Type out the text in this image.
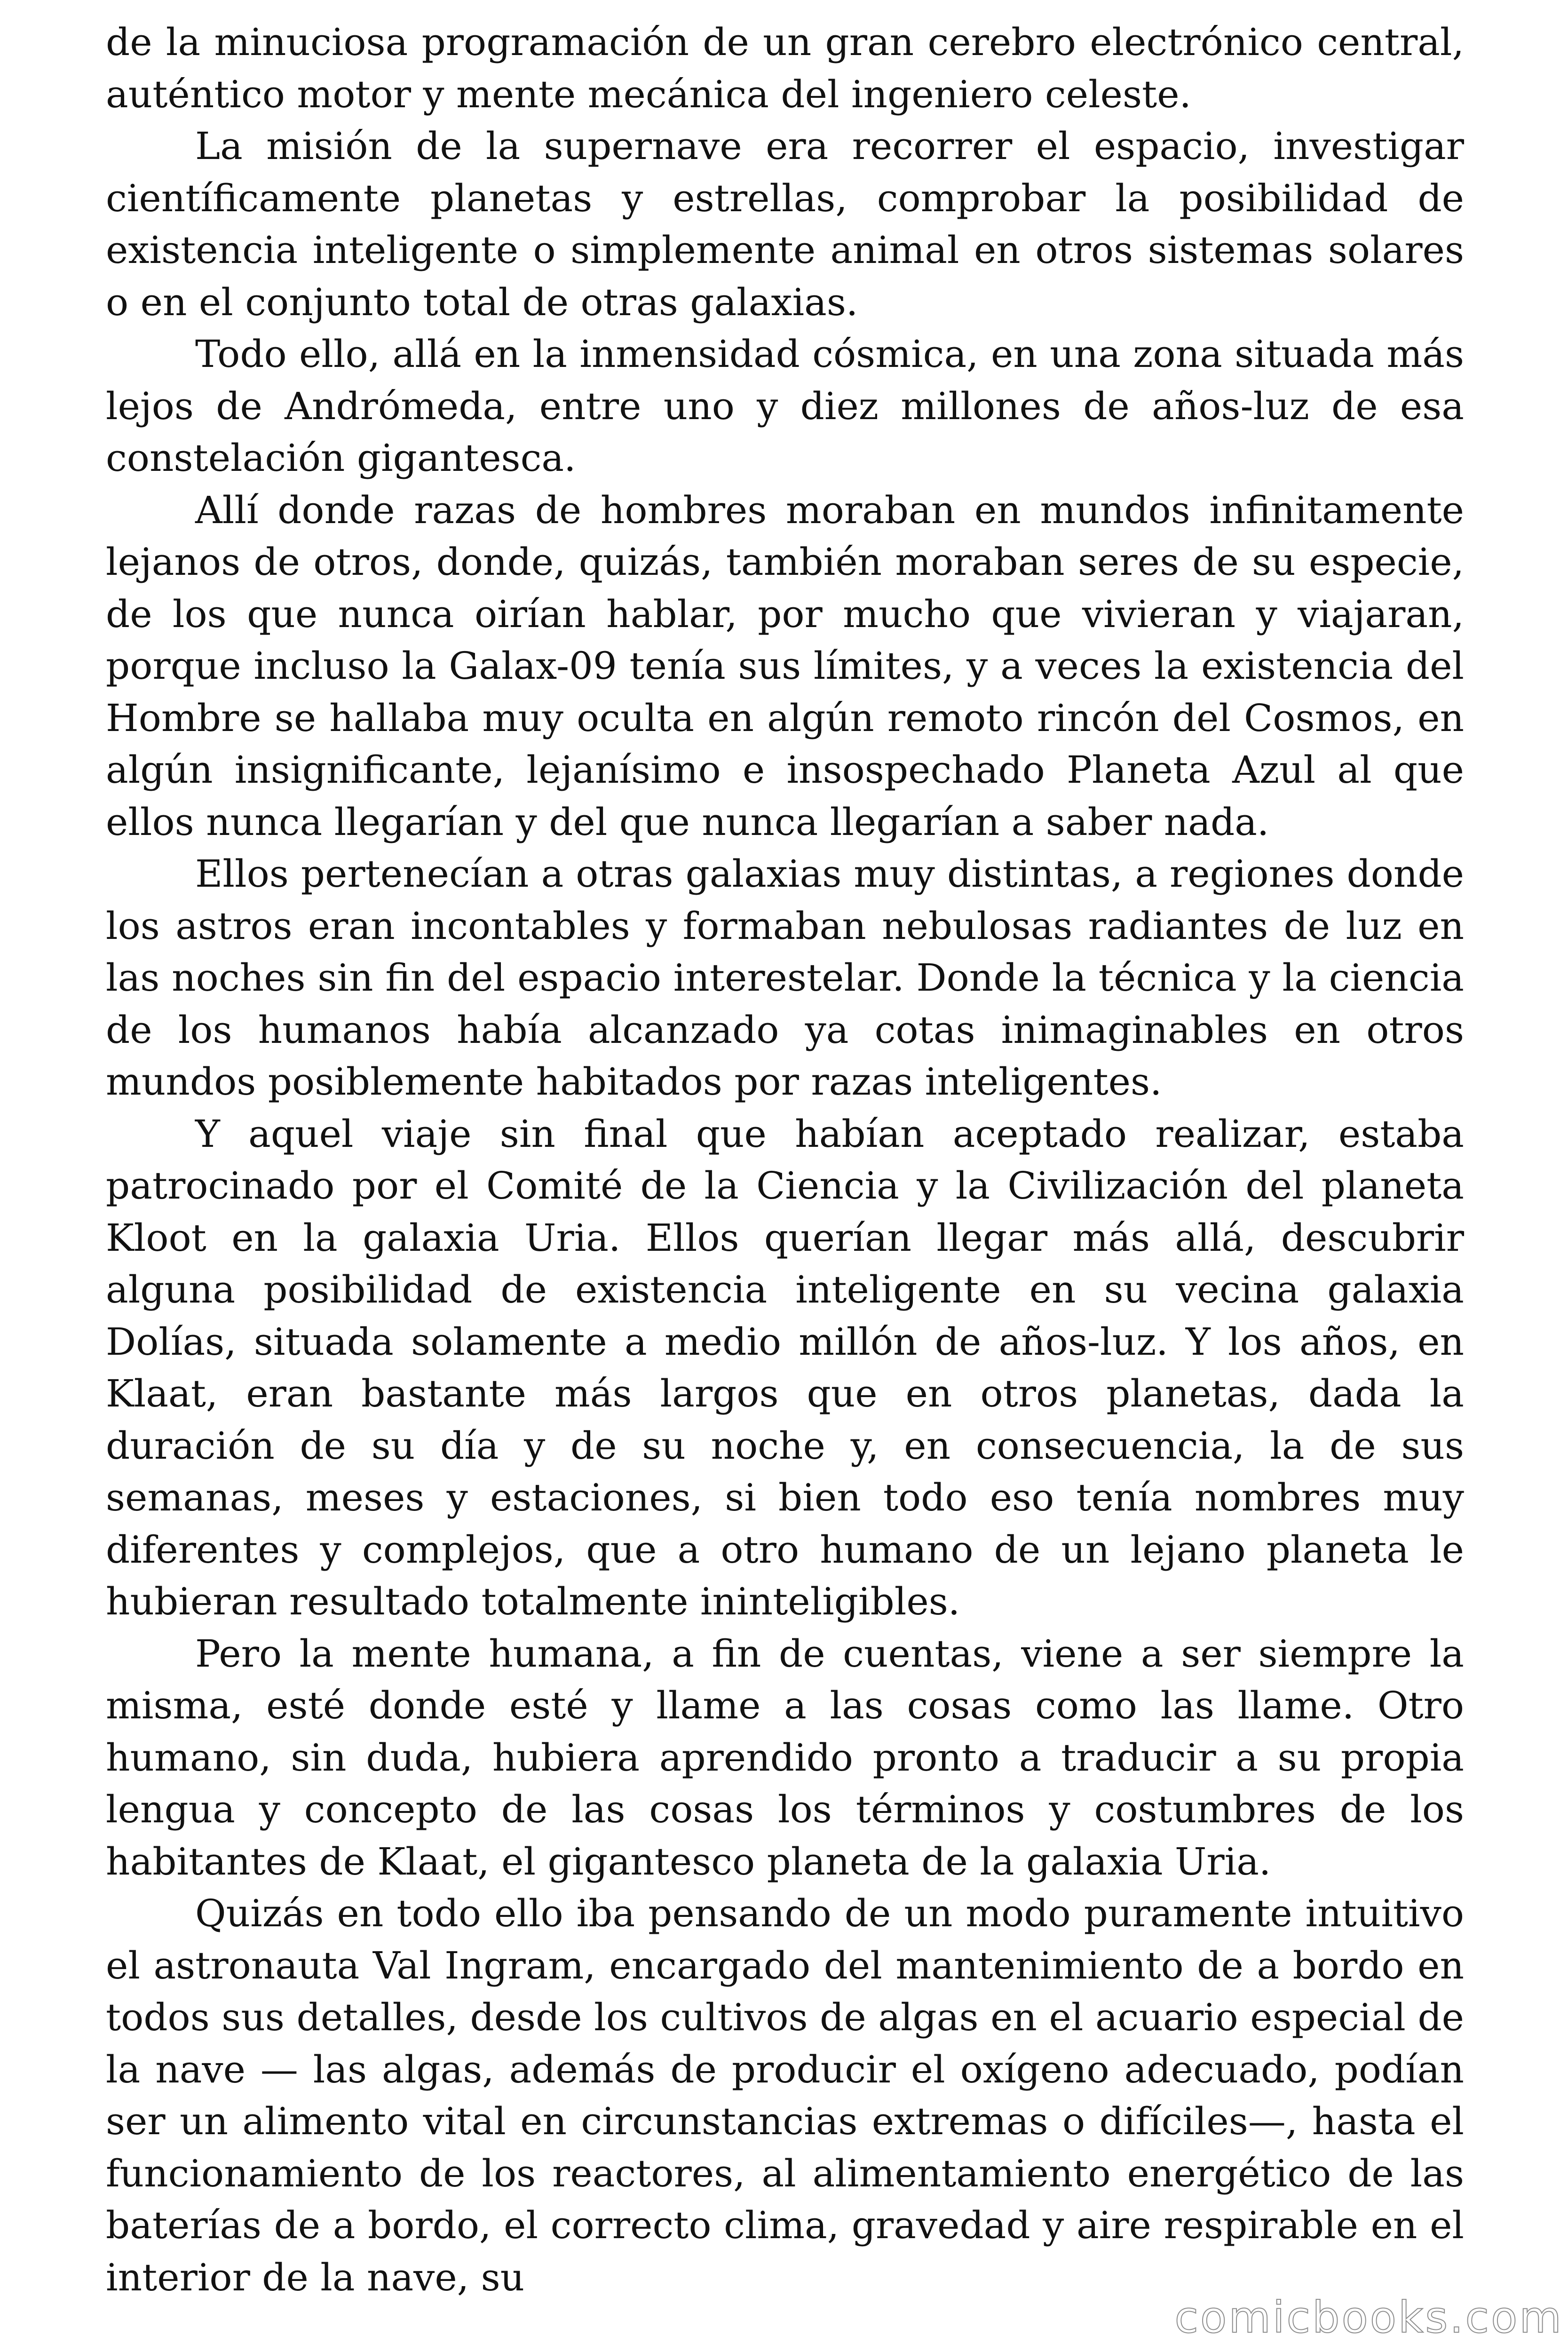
de la minuciosa programación de un gran cerebro electrónico central, auténtico motor y mente mecánica del ingeniero celeste.

La misión de la supernave era recorrer el espacio, investigar científicamente planetas y estrellas, comprobar la posibilidad de existencia inteligente o simplemente animal en otros sistemas solares o en el conjunto total de otras galaxias.

Todo ello, allá en la inmensidad cósmica, en una zona situada más lejos de Andrómeda, entre uno y diez millones de años-luz de esa constelación gigantesca.

Allí donde razas de hombres moraban en mundos infinitamente lejanos de otros, donde, quizás, también moraban seres de su especie, de los que nunca oirían hablar, por mucho que vivieran y viajaran, porque incluso la Galax-09 tenía sus límites, y a veces la existencia del Hombre se hallaba muy oculta en algún remoto rincón del Cosmos, en algún insignificante, lejanísimo e insospechado Planeta Azul al que ellos nunca llegarían y del que nunca llegarían a saber nada.

Ellos pertenecían a otras galaxias muy distintas, a regiones donde los astros eran incontables y formaban nebulosas radiantes de luz en las noches sin fin del espacio interestelar. Donde la técnica y la ciencia de los humanos había alcanzado ya cotas inimaginables en otros mundos posiblemente habitados por razas inteligentes.

Y aquel viaje sin final que habían aceptado realizar, estaba patrocinado por el Comité de la Ciencia y la Civilización del planeta Kloot en la galaxia Uria. Ellos querían llegar más allá, descubrir alguna posibilidad de existencia inteligente en su vecina galaxia Dolías, situada solamente a medio millón de años-luz. Y los años, en Klaat, eran bastante más largos que en otros planetas, dada la duración de su día y de su noche y, en consecuencia, la de sus semanas, meses y estaciones, si bien todo eso tenía nombres muy diferentes y complejos, que a otro humano de un lejano planeta le hubieran resultado totalmente ininteligibles.

Pero la mente humana, a fin de cuentas, viene a ser siempre la misma, esté donde esté y llame a las cosas como las llame. Otro humano, sin duda, hubiera aprendido pronto a traducir a su propia lengua y concepto de las cosas los términos y costumbres de los habitantes de Klaat, el gigantesco planeta de la galaxia Uria.

Quizás en todo ello iba pensando de un modo puramente intuitivo el astronauta Val Ingram, encargado del mantenimiento de a bordo en todos sus detalles, desde los cultivos de algas en el acuario especial de la nave — las algas, además de producir el oxígeno adecuado, podían ser un alimento vital en circunstancias extremas o difíciles—, hasta el funcionamiento de los reactores, al alimentamiento energético de las baterías de a bordo, el correcto clima, gravedad y aire respirable en el interior de la nave, su

comicbooks.com
